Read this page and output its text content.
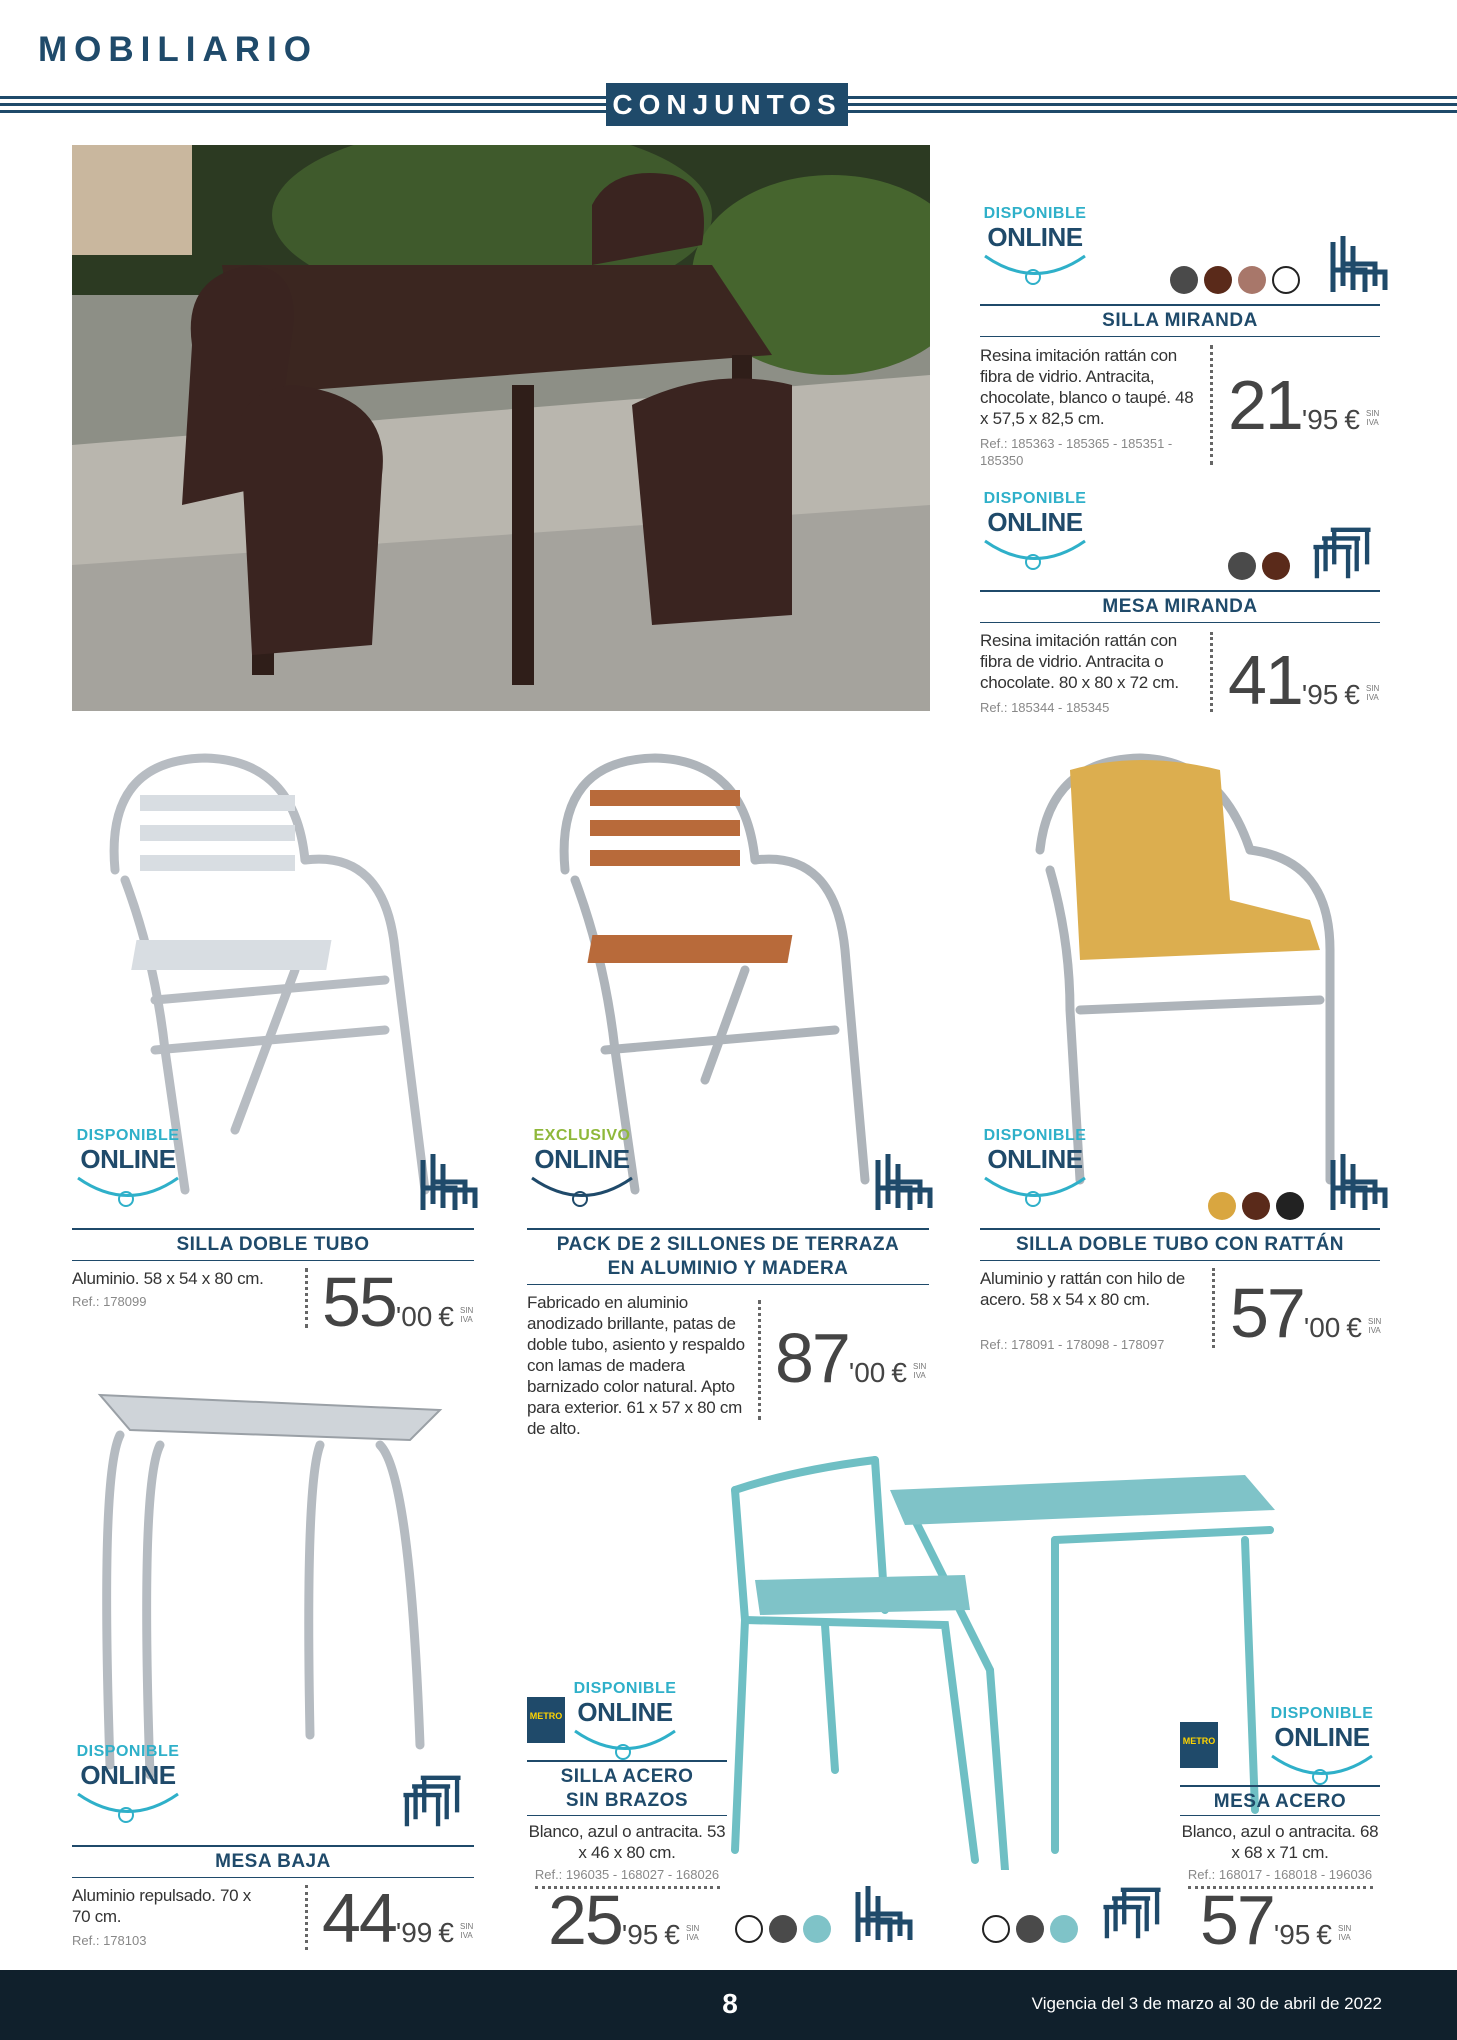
MOBILIARIO
CONJUNTOS
DISPONIBLE
ONLINE
SILLA MIRANDA
Resina imitación rattán con fibra de vidrio. Antracita, chocolate, blanco o taupé. 48 x 57,5 x 82,5 cm.
Ref.: 185363 - 185365 - 185351 - 185350
21'95 € SIN
IVA
DISPONIBLE
ONLINE
MESA MIRANDA
Resina imitación rattán con fibra de vidrio. Antracita o chocolate. 80 x 80 x 72 cm.
Ref.: 185344 - 185345	41'95 € SIN
IVA
DISPONIBLE
ONLINE
EXCLUSIVO
ONLINE
DISPONIBLE
ONLINE
SILLA DOBLE TUBO
Aluminio. 58 x 54 x 80 cm.
Ref.: 178099	55'00 € SIN
IVA
PACK DE 2 SILLONES DE TERRAZA
EN ALUMINIO Y MADERA
Fabricado en aluminio anodizado brillante, patas de doble tubo, asiento y respaldo con lamas de madera barnizado color natural. Apto para exterior. 61 x 57 x 80 cm de alto.
87'00 € SIN
IVA
SILLA DOBLE TUBO CON RATTÁN
Aluminio y rattán con hilo de acero. 58 x 54 x 80 cm.
Ref.: 178091 - 178098 - 178097 57'00 € SIN
IVA
DISPONIBLE
ONLINE
MESA BAJA
Aluminio repulsado. 70 x 70 cm.
Ref.: 178103	44'99 € SIN
IVA
METRO
DISPONIBLE
ONLINE
SILLA ACERO
SIN BRAZOS
Blanco, azul o antracita. 53 x 46 x 80 cm.
Ref.: 196035 - 168027 - 168026
25'95 € SIN
IVA
METRO
DISPONIBLE
ONLINE
MESA ACERO
Blanco, azul o antracita. 68 x 68 x 71 cm.
Ref.: 168017 - 168018 - 196036
57'95 € SIN
IVA
8	Vigencia del 3 de marzo al 30 de abril de 2022
